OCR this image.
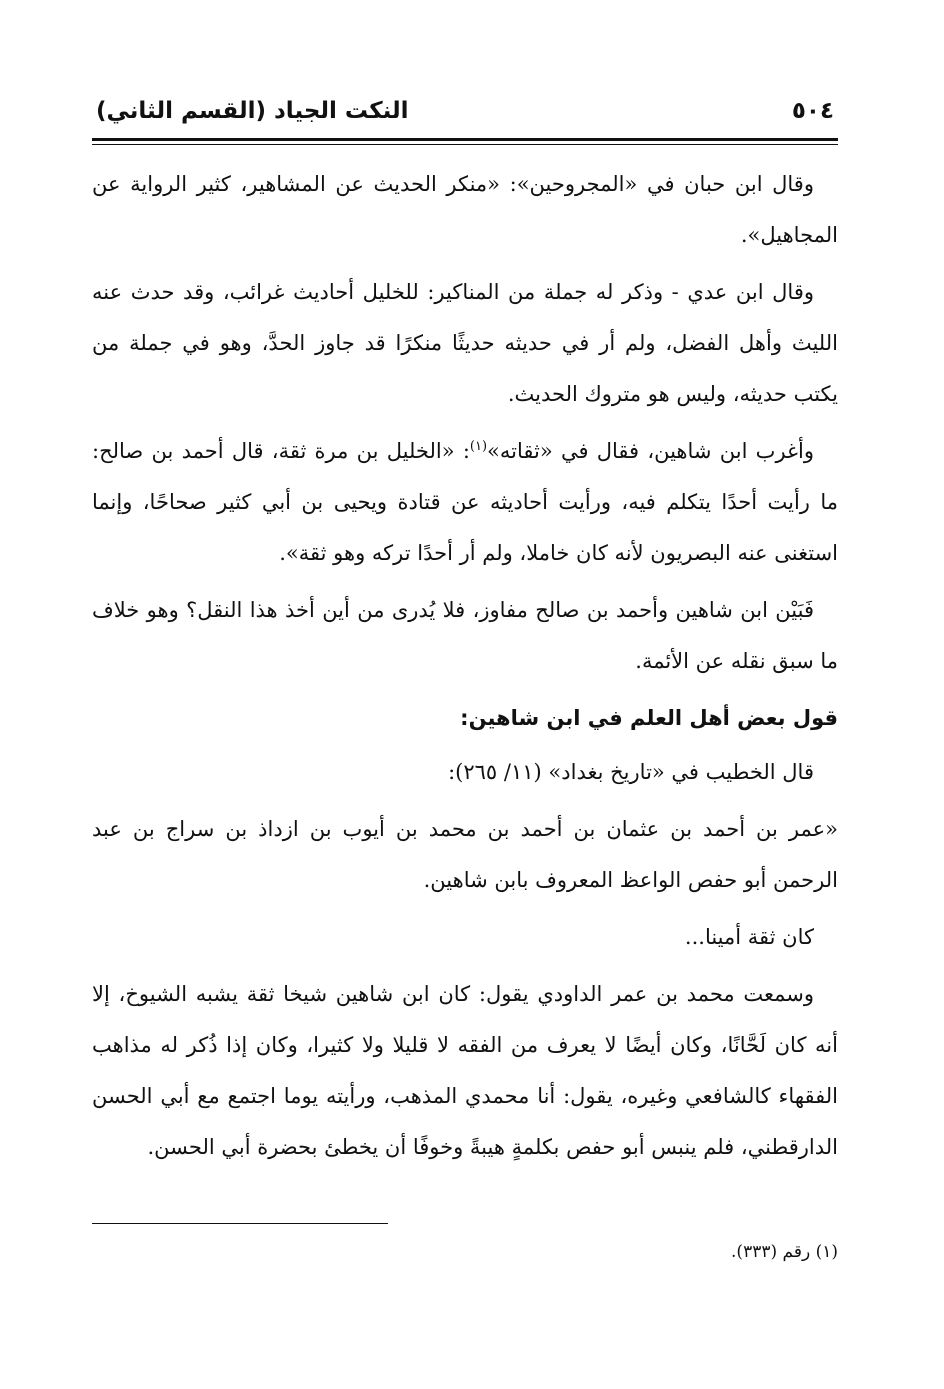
٥٠٤
النكت الجياد (القسم الثاني)

وقال ابن حبان في «المجروحين»: «منكر الحديث عن المشاهير، كثير الرواية عن المجاهيل».

وقال ابن عدي - وذكر له جملة من المناكير: للخليل أحاديث غرائب، وقد حدث عنه الليث وأهل الفضل، ولم أر في حديثه حديثًا منكرًا قد جاوز الحدَّ، وهو في جملة من يكتب حديثه، وليس هو متروك الحديث.

وأغرب ابن شاهين، فقال في «ثقاته»$^{(١)}$: «الخليل بن مرة ثقة، قال أحمد بن صالح: ما رأيت أحدًا يتكلم فيه، ورأيت أحاديثه عن قتادة ويحيى بن أبي كثير صحاحًا، وإنما استغنى عنه البصريون لأنه كان خاملا، ولم أر أحدًا تركه وهو ثقة».

فَبَيْن ابن شاهين وأحمد بن صالح مفاوز، فلا يُدرى من أين أخذ هذا النقل؟ وهو خلاف ما سبق نقله عن الأئمة.

قول بعض أهل العلم في ابن شاهين:

قال الخطيب في «تاريخ بغداد» (١١/ ٢٦٥):

«عمر بن أحمد بن عثمان بن أحمد بن محمد بن أيوب بن ازداذ بن سراج بن عبد الرحمن أبو حفص الواعظ المعروف بابن شاهين.

كان ثقة أمينا...

وسمعت محمد بن عمر الداودي يقول: كان ابن شاهين شيخا ثقة يشبه الشيوخ، إلا أنه كان لَحَّانًا، وكان أيضًا لا يعرف من الفقه لا قليلا ولا كثيرا، وكان إذا ذُكر له مذاهب الفقهاء كالشافعي وغيره، يقول: أنا محمدي المذهب، ورأيته يوما اجتمع مع أبي الحسن الدارقطني، فلم ينبس أبو حفص بكلمةٍ هيبةً وخوفًا أن يخطئ بحضرة أبي الحسن.

(١) رقم (٣٣٣).
